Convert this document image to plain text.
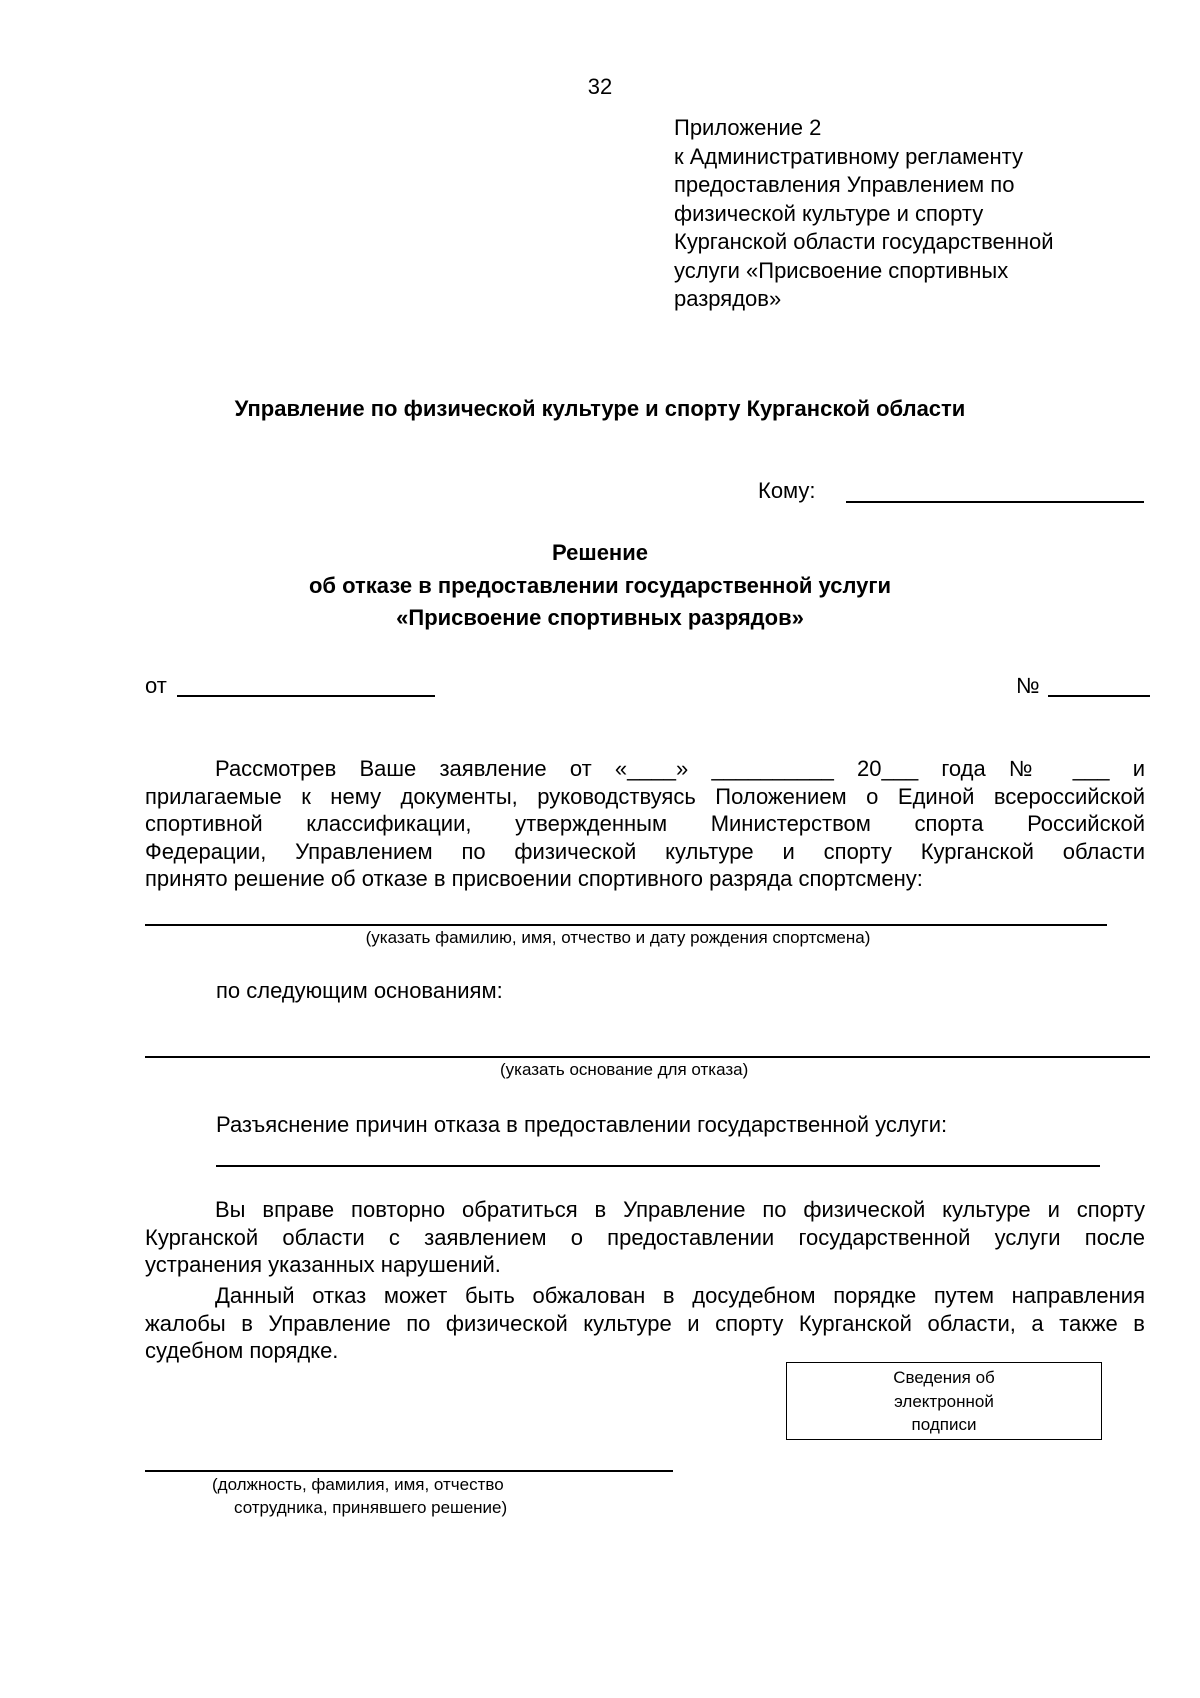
32
Приложение 2
к Административному регламенту
предоставления Управлением по
физической культуре и спорту
Курганской области государственной
услуги «Присвоение спортивных
разрядов»
Управление по физической культуре и спорту Курганской области
Кому:
Решение
об отказе в предоставлении государственной услуги
«Присвоение спортивных разрядов»
от	№
Рассмотрев Ваше заявление от «____» __________ 20___ года № ___ и
прилагаемые к нему документы, руководствуясь Положением о Единой всероссийской
спортивной классификации, утвержденным Министерством спорта Российской
Федерации, Управлением по физической культуре и спорту Курганской области
принято решение об отказе в присвоении спортивного разряда спортсмену:
(указать фамилию, имя, отчество и дату рождения спортсмена)
по следующим основаниям:
(указать основание для отказа)
Разъяснение причин отказа в предоставлении государственной услуги:
Вы вправе повторно обратиться в Управление по физической культуре и спорту
Курганской области с заявлением о предоставлении государственной услуги после
устранения указанных нарушений.
Данный отказ может быть обжалован в досудебном порядке путем направления
жалобы в Управление по физической культуре и спорту Курганской области, а также в
судебном порядке.
Сведения об
электронной
подписи
(должность, фамилия, имя, отчество
сотрудника, принявшего решение)
